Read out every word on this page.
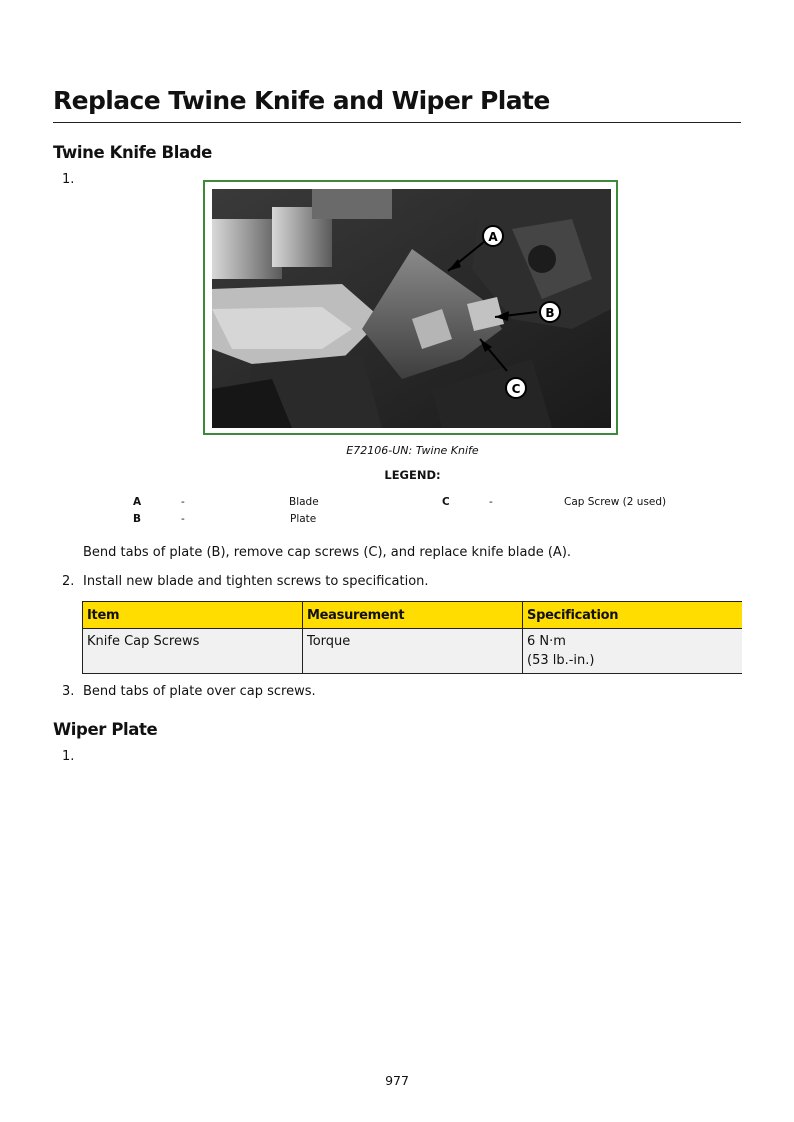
Replace Twine Knife and Wiper Plate
Twine Knife Blade
1.
A
B
C
E72106-UN: Twine Knife
LEGEND:
A	-	Blade	C	-	Cap Screw (2 used)
B	-	Plate
Bend tabs of plate (B), remove cap screws (C), and replace knife blade (A).
2. Install new blade and tighten screws to specification.
Item	Measurement	Specification
Knife Cap Screws	Torque	6 N·m
(53 lb.-in.)
3. Bend tabs of plate over cap screws.
Wiper Plate
1.
977
